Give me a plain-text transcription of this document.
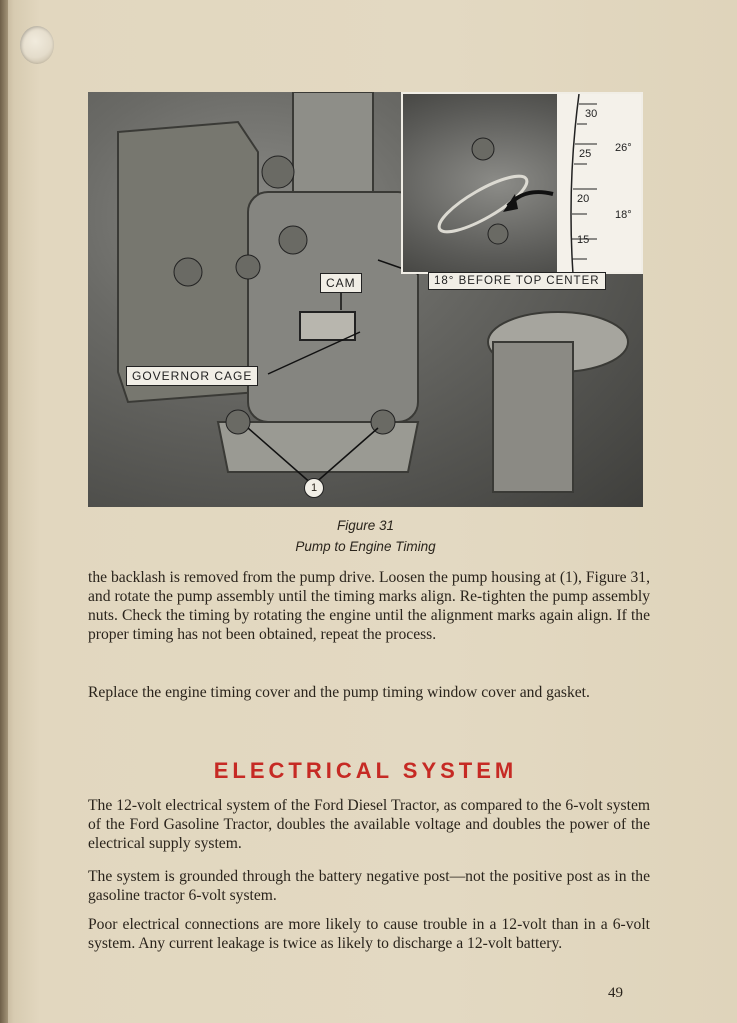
30
25
20
15
26°
18°
CAM
GOVERNOR CAGE
18° BEFORE TOP CENTER
1
Figure 31
Pump to Engine Timing

the backlash is removed from the pump drive. Loosen the pump housing at (1), Figure 31, and rotate the pump assembly until the timing marks align. Re-tighten the pump assembly nuts. Check the timing by rotating the engine until the alignment marks again align. If the proper timing has not been obtained, repeat the process.

Replace the engine timing cover and the pump timing window cover and gasket.

ELECTRICAL SYSTEM

The 12-volt electrical system of the Ford Diesel Tractor, as compared to the 6-volt system of the Ford Gasoline Tractor, doubles the available voltage and doubles the power of the electrical supply system.

The system is grounded through the battery negative post—not the positive post as in the gasoline tractor 6-volt system.

Poor electrical connections are more likely to cause trouble in a 12-volt than in a 6-volt system. Any current leakage is twice as likely to discharge a 12-volt battery.

49
